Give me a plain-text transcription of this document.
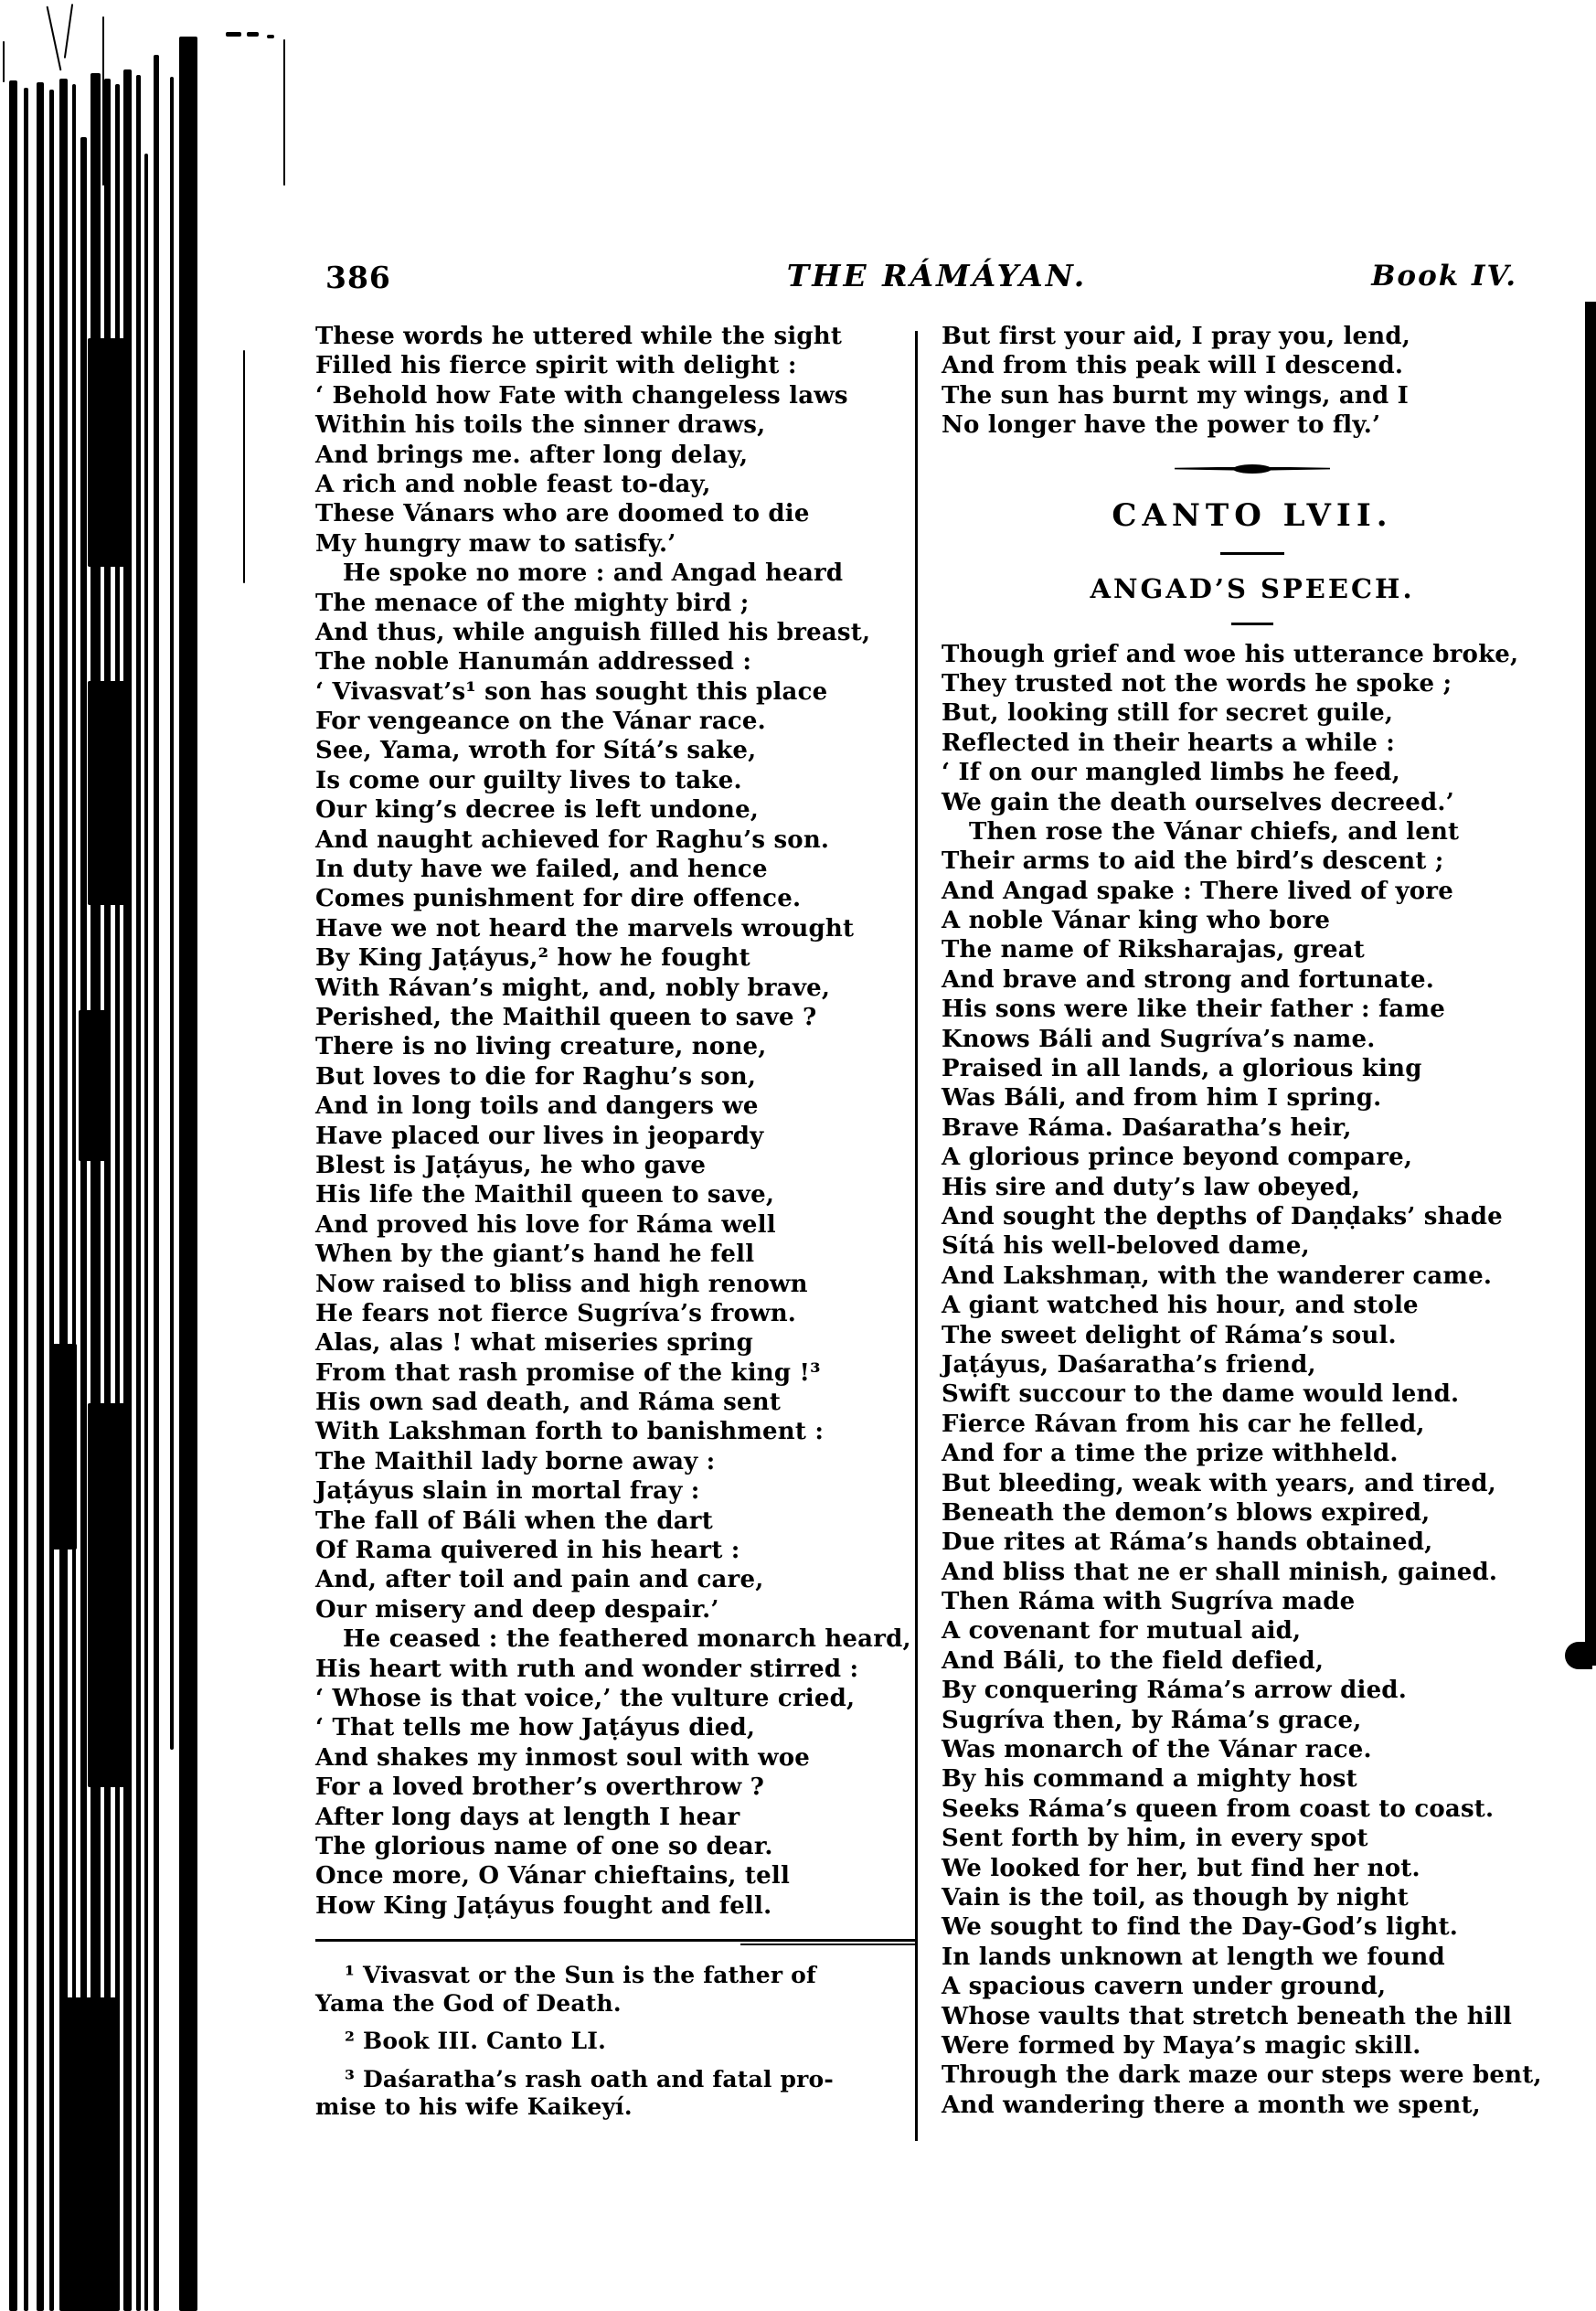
386	THE RÁMÁYAN.	Book IV.
These words he uttered while the sight
Filled his fierce spirit with delight :
‘ Behold how Fate with changeless laws
Within his toils the sinner draws,
And brings me. after long delay,
A rich and noble feast to-day,
These Vánars who are doomed to die
My hungry maw to satisfy.’
He spoke no more : and Angad heard
The menace of the mighty bird ;
And thus, while anguish filled his breast,
The noble Hanumán addressed :
‘ Vivasvat’s¹ son has sought this place
For vengeance on the Vánar race.
See, Yama, wroth for Sítá’s sake,
Is come our guilty lives to take.
Our king’s decree is left undone,
And naught achieved for Raghu’s son.
In duty have we failed, and hence
Comes punishment for dire offence.
Have we not heard the marvels wrought
By King Jaṭáyus,² how he fought
With Rávan’s might, and, nobly brave,
Perished, the Maithil queen to save ?
There is no living creature, none,
But loves to die for Raghu’s son,
And in long toils and dangers we
Have placed our lives in jeopardy
Blest is Jaṭáyus, he who gave
His life the Maithil queen to save,
And proved his love for Ráma well
When by the giant’s hand he fell
Now raised to bliss and high renown
He fears not fierce Sugríva’s frown.
Alas, alas ! what miseries spring
From that rash promise of the king !³
His own sad death, and Ráma sent
With Lakshman forth to banishment :
The Maithil lady borne away :
Jaṭáyus slain in mortal fray :
The fall of Báli when the dart
Of Rama quivered in his heart :
And, after toil and pain and care,
Our misery and deep despair.’
He ceased : the feathered monarch heard,
His heart with ruth and wonder stirred :
‘ Whose is that voice,’ the vulture cried,
‘ That tells me how Jaṭáyus died,
And shakes my inmost soul with woe
For a loved brother’s overthrow ?
After long days at length I hear
The glorious name of one so dear.
Once more, O Vánar chieftains, tell
How King Jaṭáyus fought and fell.
But first your aid, I pray you, lend,
And from this peak will I descend.
The sun has burnt my wings, and I
No longer have the power to fly.’
CANTO LVII.
ANGAD’S SPEECH.
Though grief and woe his utterance broke,
They trusted not the words he spoke ;
But, looking still for secret guile,
Reflected in their hearts a while :
‘ If on our mangled limbs he feed,
We gain the death ourselves decreed.’
Then rose the Vánar chiefs, and lent
Their arms to aid the bird’s descent ;
And Angad spake : There lived of yore
A noble Vánar king who bore
The name of Riksharajas, great
And brave and strong and fortunate.
His sons were like their father : fame
Knows Báli and Sugríva’s name.
Praised in all lands, a glorious king
Was Báli, and from him I spring.
Brave Ráma. Daśaratha’s heir,
A glorious prince beyond compare,
His sire and duty’s law obeyed,
And sought the depths of Daṇḍaks’ shade
Sítá his well-beloved dame,
And Lakshmaṇ, with the wanderer came.
A giant watched his hour, and stole
The sweet delight of Ráma’s soul.
Jaṭáyus, Daśaratha’s friend,
Swift succour to the dame would lend.
Fierce Rávan from his car he felled,
And for a time the prize withheld.
But bleeding, weak with years, and tired,
Beneath the demon’s blows expired,
Due rites at Ráma’s hands obtained,
And bliss that ne er shall minish, gained.
Then Ráma with Sugríva made
A covenant for mutual aid,
And Báli, to the field defied,
By conquering Ráma’s arrow died.
Sugríva then, by Ráma’s grace,
Was monarch of the Vánar race.
By his command a mighty host
Seeks Ráma’s queen from coast to coast.
Sent forth by him, in every spot
We looked for her, but find her not.
Vain is the toil, as though by night
We sought to find the Day-God’s light.
In lands unknown at length we found
A spacious cavern under ground,
Whose vaults that stretch beneath the hill
Were formed by Maya’s magic skill.
Through the dark maze our steps were bent,
And wandering there a month we spent,
¹ Vivasvat or the Sun is the father of
Yama the God of Death.
² Book III. Canto LI.
³ Daśaratha’s rash oath and fatal pro-
mise to his wife Kaikeyí.
